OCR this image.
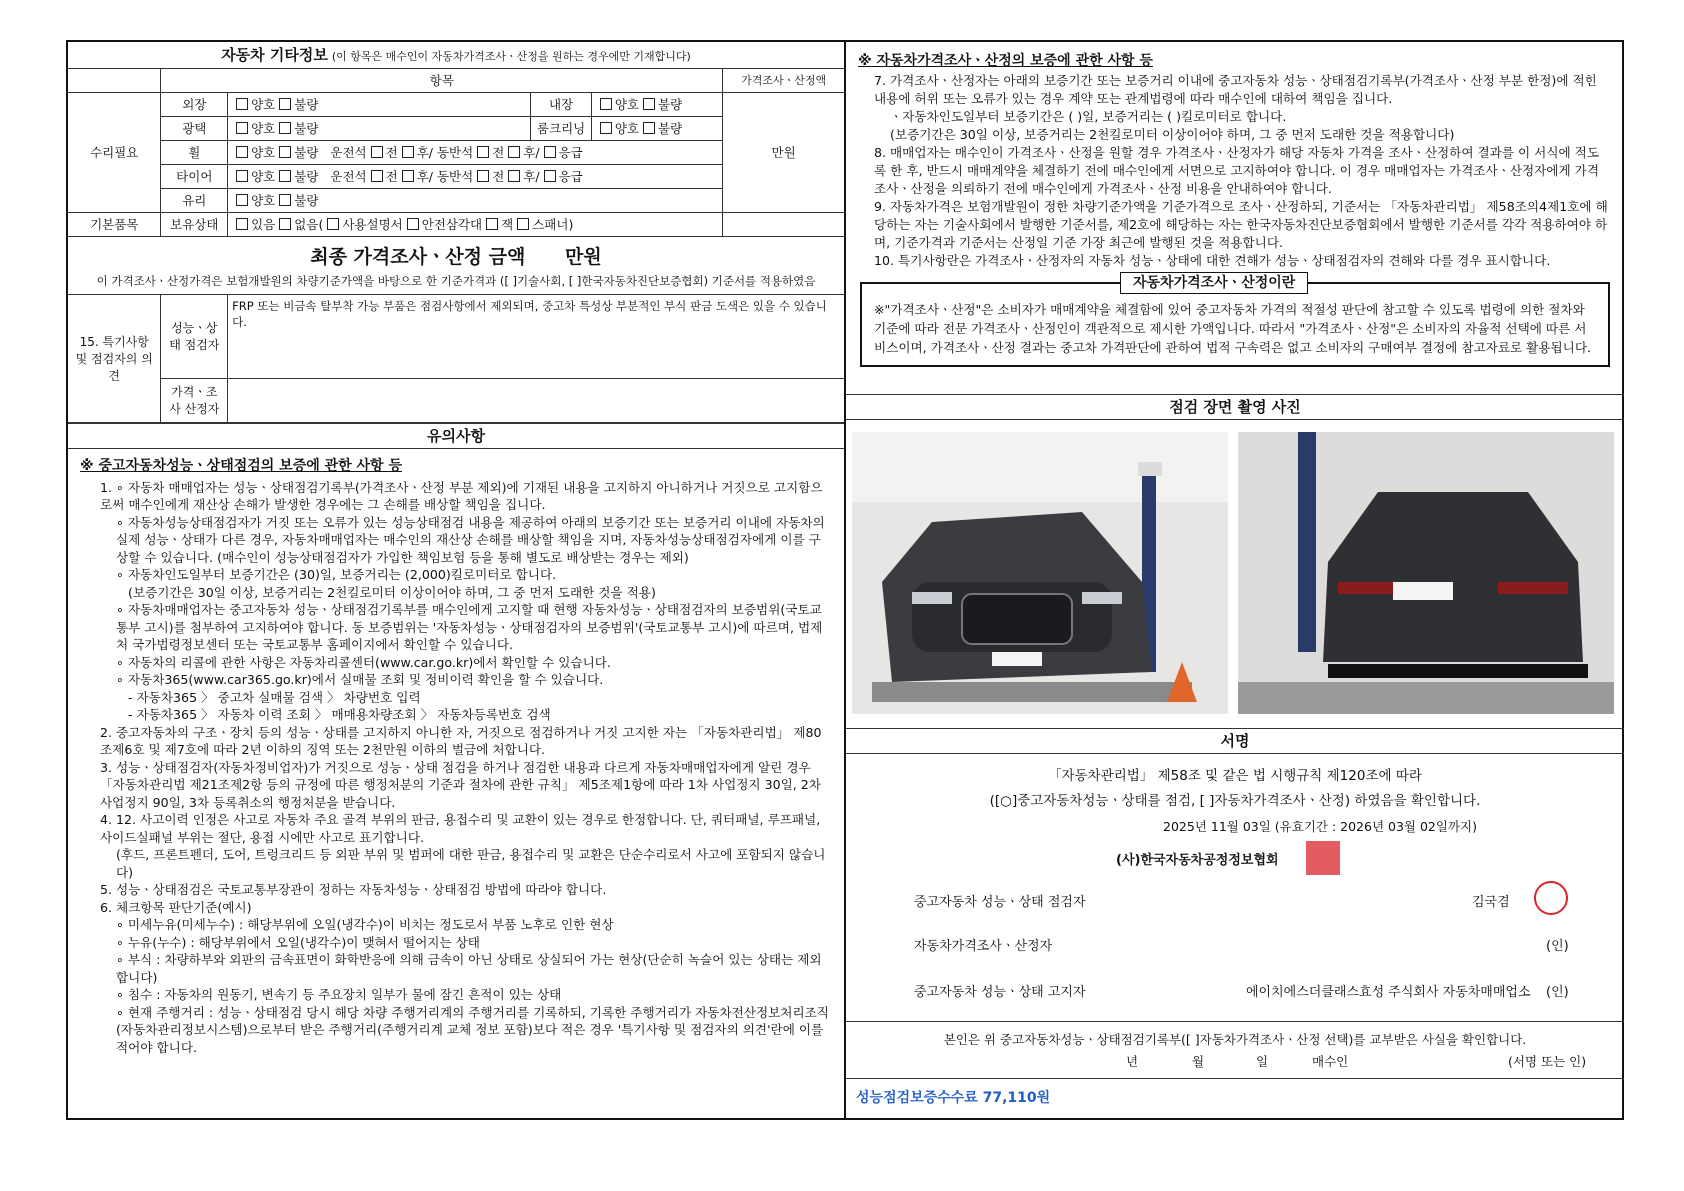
자동차 기타정보 (이 항목은 매수인이 자동차가격조사ㆍ산정을 원하는 경우에만 기재합니다)					
	항목				가격조사ㆍ산정액
수리필요	외장	양호 불량	내장	양호 불량	만원
	광택	양호 불량	룸크리닝	양호 불량	
	휠	양호 불량 운전석 전 후/ 동반석 전 후/ 응급			
	타이어	양호 불량 운전석 전 후/ 동반석 전 후/ 응급			
	유리	양호 불량			
기본품목	보유상태	있음 없음( 사용설명서 안전삼각대 잭 스패너)			

최종 가격조사ㆍ산정 금액 만원
이 가격조사ㆍ산정가격은 보험개발원의 차량기준가액을 바탕으로 한 기준가격과 ([ ]기술사회, [ ]한국자동차진단보증협회) 기준서를 적용하였음					

15. 특기사항 및 점검자의 의견	성능ㆍ상태 점검자	FRP 또는 비금속 탈부착 가능 부품은 점검사항에서 제외되며, 중고차 특성상 부분적인 부식 판금 도색은 있을 수 있습니다.			
	가격ㆍ조사 산정자				
유의사항
※ 중고자동차성능ㆍ상태점검의 보증에 관한 사항 등
1. ∘ 자동차 매매업자는 성능ㆍ상태점검기록부(가격조사ㆍ산정 부분 제외)에 기재된 내용을 고지하지 아니하거나 거짓으로 고지함으로써 매수인에게 재산상 손해가 발생한 경우에는 그 손해를 배상할 책임을 집니다.
∘ 자동차성능상태점검자가 거짓 또는 오류가 있는 성능상태점검 내용을 제공하여 아래의 보증기간 또는 보증거리 이내에 자동차의 실제 성능ㆍ상태가 다른 경우, 자동차매매업자는 매수인의 재산상 손해를 배상할 책임을 지며, 자동차성능상태점검자에게 이를 구상할 수 있습니다. (매수인이 성능상태점검자가 가입한 책임보험 등을 통해 별도로 배상받는 경우는 제외)
∘ 자동차인도일부터 보증기간은 (30)일, 보증거리는 (2,000)킬로미터로 합니다.
(보증기간은 30일 이상, 보증거리는 2천킬로미터 이상이어야 하며, 그 중 먼저 도래한 것을 적용)
∘ 자동차매매업자는 중고자동차 성능ㆍ상태점검기록부를 매수인에게 고지할 때 현행 자동차성능ㆍ상태점검자의 보증범위(국토교통부 고시)를 첨부하여 고지하여야 합니다. 동 보증범위는 '자동차성능ㆍ상태점검자의 보증범위'(국토교통부 고시)에 따르며, 법제처 국가법령정보센터 또는 국토교통부 홈페이지에서 확인할 수 있습니다.
∘ 자동차의 리콜에 관한 사항은 자동차리콜센터(www.car.go.kr)에서 확인할 수 있습니다.
∘ 자동차365(www.car365.go.kr)에서 실매물 조회 및 정비이력 확인을 할 수 있습니다.
- 자동차365 〉 중고차 실매물 검색 〉 차량번호 입력
- 자동차365 〉 자동차 이력 조회 〉 매매용차량조회 〉 자동차등록번호 검색
2. 중고자동차의 구조ㆍ장치 등의 성능ㆍ상태를 고지하지 아니한 자, 거짓으로 점검하거나 거짓 고지한 자는 「자동차관리법」 제80조제6호 및 제7호에 따라 2년 이하의 징역 또는 2천만원 이하의 벌금에 처합니다.
3. 성능ㆍ상태점검자(자동차정비업자)가 거짓으로 성능ㆍ상태 점검을 하거나 점검한 내용과 다르게 자동차매매업자에게 알린 경우 「자동차관리법 제21조제2항 등의 규정에 따른 행정처분의 기준과 절차에 관한 규칙」 제5조제1항에 따라 1차 사업정지 30일, 2차 사업정지 90일, 3차 등록취소의 행정처분을 받습니다.
4. 12. 사고이력 인정은 사고로 자동차 주요 골격 부위의 판금, 용접수리 및 교환이 있는 경우로 한정합니다. 단, 쿼터패널, 루프패널, 사이드실패널 부위는 절단, 용접 시에만 사고로 표기합니다.
(후드, 프론트펜더, 도어, 트렁크리드 등 외판 부위 및 범퍼에 대한 판금, 용접수리 및 교환은 단순수리로서 사고에 포함되지 않습니다)
5. 성능ㆍ상태점검은 국토교통부장관이 정하는 자동차성능ㆍ상태점검 방법에 따라야 합니다.
6. 체크항목 판단기준(예시)
∘ 미세누유(미세누수) : 해당부위에 오일(냉각수)이 비치는 정도로서 부품 노후로 인한 현상
∘ 누유(누수) : 해당부위에서 오일(냉각수)이 맺혀서 떨어지는 상태
∘ 부식 : 차량하부와 외판의 금속표면이 화학반응에 의해 금속이 아닌 상태로 상실되어 가는 현상(단순히 녹슬어 있는 상태는 제외합니다)
∘ 침수 : 자동차의 원동기, 변속기 등 주요장치 일부가 물에 잠긴 흔적이 있는 상태
∘ 현재 주행거리 : 성능ㆍ상태점검 당시 해당 차량 주행거리계의 주행거리를 기록하되, 기록한 주행거리가 자동차전산정보처리조직(자동차관리정보시스템)으로부터 받은 주행거리(주행거리계 교체 정보 포함)보다 적은 경우 '특기사항 및 점검자의 의견'란에 이를 적어야 합니다.
※ 자동차가격조사ㆍ산정의 보증에 관한 사항 등
7. 가격조사ㆍ산정자는 아래의 보증기간 또는 보증거리 이내에 중고자동차 성능ㆍ상태점검기록부(가격조사ㆍ산정 부분 한정)에 적힌 내용에 허위 또는 오류가 있는 경우 계약 또는 관계법령에 따라 매수인에 대하여 책임을 집니다.
ㆍ자동차인도일부터 보증기간은 ( )일, 보증거리는 ( )킬로미터로 합니다.
(보증기간은 30일 이상, 보증거리는 2천킬로미터 이상이어야 하며, 그 중 먼저 도래한 것을 적용합니다)
8. 매매업자는 매수인이 가격조사ㆍ산정을 원할 경우 가격조사ㆍ산정자가 해당 자동차 가격을 조사ㆍ산정하여 결과를 이 서식에 적도록 한 후, 반드시 매매계약을 체결하기 전에 매수인에게 서면으로 고지하여야 합니다. 이 경우 매매업자는 가격조사ㆍ산정자에게 가격조사ㆍ산정을 의뢰하기 전에 매수인에게 가격조사ㆍ산정 비용을 안내하여야 합니다.
9. 자동차가격은 보험개발원이 정한 차량기준가액을 기준가격으로 조사ㆍ산정하되, 기준서는 「자동차관리법」 제58조의4제1호에 해당하는 자는 기술사회에서 발행한 기준서를, 제2호에 해당하는 자는 한국자동차진단보증협회에서 발행한 기준서를 각각 적용하여야 하며, 기준가격과 기준서는 산정일 기준 가장 최근에 발행된 것을 적용합니다.
10. 특기사항란은 가격조사ㆍ산정자의 자동차 성능ㆍ상태에 대한 견해가 성능ㆍ상태점검자의 견해와 다를 경우 표시합니다.
자동차가격조사ㆍ산정이란
※"가격조사ㆍ산정"은 소비자가 매매계약을 체결함에 있어 중고자동차 가격의 적절성 판단에 참고할 수 있도록 법령에 의한 절차와 기준에 따라 전문 가격조사ㆍ산정인이 객관적으로 제시한 가액입니다. 따라서 "가격조사ㆍ산정"은 소비자의 자율적 선택에 따른 서비스이며, 가격조사ㆍ산정 결과는 중고차 가격판단에 관하여 법적 구속력은 없고 소비자의 구매여부 결정에 참고자료로 활용됩니다.
점검 장면 촬영 사진
서명
「자동차관리법」 제58조 및 같은 법 시행규칙 제120조에 따라
([○]중고자동차성능ㆍ상태를 점검, [ ]자동차가격조사ㆍ산정) 하였음을 확인합니다.
2025년 11월 03일 (유효기간 : 2026년 03월 02일까지)
(사)한국자동차공정정보협회
중고자동차 성능ㆍ상태 점검자	김국겸
자동차가격조사ㆍ산정자	(인)
중고자동차 성능ㆍ상태 고지자	에이치에스더클래스효성 주식회사 자동차매매업소 (인)
본인은 위 중고자동차성능ㆍ상태점검기록부([ ]자동차가격조사ㆍ산정 선택)를 교부받은 사실을 확인합니다.
년	월	일	매수인	(서명 또는 인)
성능점검보증수수료 77,110원
